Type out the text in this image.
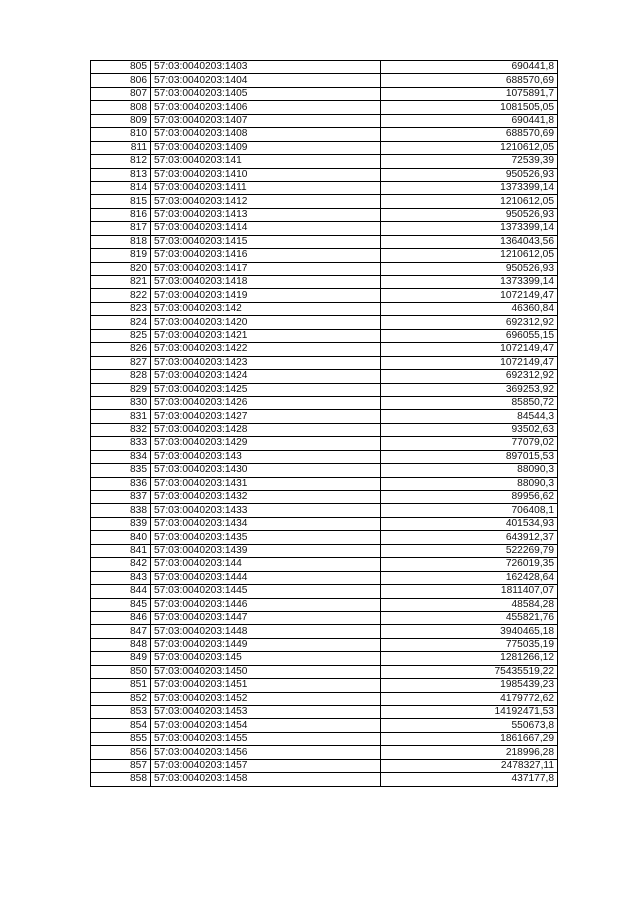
805	57:03:0040203:1403	690441,8
806	57:03:0040203:1404	688570,69
807	57:03:0040203:1405	1075891,7
808	57:03:0040203:1406	1081505,05
809	57:03:0040203:1407	690441,8
810	57:03:0040203:1408	688570,69
811	57:03:0040203:1409	1210612,05
812	57:03:0040203:141	72539,39
813	57:03:0040203:1410	950526,93
814	57:03:0040203:1411	1373399,14
815	57:03:0040203:1412	1210612,05
816	57:03:0040203:1413	950526,93
817	57:03:0040203:1414	1373399,14
818	57:03:0040203:1415	1364043,56
819	57:03:0040203:1416	1210612,05
820	57:03:0040203:1417	950526,93
821	57:03:0040203:1418	1373399,14
822	57:03:0040203:1419	1072149,47
823	57:03:0040203:142	46360,84
824	57:03:0040203:1420	692312,92
825	57:03:0040203:1421	696055,15
826	57:03:0040203:1422	1072149,47
827	57:03:0040203:1423	1072149,47
828	57:03:0040203:1424	692312,92
829	57:03:0040203:1425	369253,92
830	57:03:0040203:1426	85850,72
831	57:03:0040203:1427	84544,3
832	57:03:0040203:1428	93502,63
833	57:03:0040203:1429	77079,02
834	57:03:0040203:143	897015,53
835	57:03:0040203:1430	88090,3
836	57:03:0040203:1431	88090,3
837	57:03:0040203:1432	89956,62
838	57:03:0040203:1433	706408,1
839	57:03:0040203:1434	401534,93
840	57:03:0040203:1435	643912,37
841	57:03:0040203:1439	522269,79
842	57:03:0040203:144	726019,35
843	57:03:0040203:1444	162428,64
844	57:03:0040203:1445	1811407,07
845	57:03:0040203:1446	48584,28
846	57:03:0040203:1447	455821,76
847	57:03:0040203:1448	3940465,18
848	57:03:0040203:1449	775035,19
849	57:03:0040203:145	1281266,12
850	57:03:0040203:1450	75435519,22
851	57:03:0040203:1451	1985439,23
852	57:03:0040203:1452	4179772,62
853	57:03:0040203:1453	14192471,53
854	57:03:0040203:1454	550673,8
855	57:03:0040203:1455	1861667,29
856	57:03:0040203:1456	218996,28
857	57:03:0040203:1457	2478327,11
858	57:03:0040203:1458	437177,8
